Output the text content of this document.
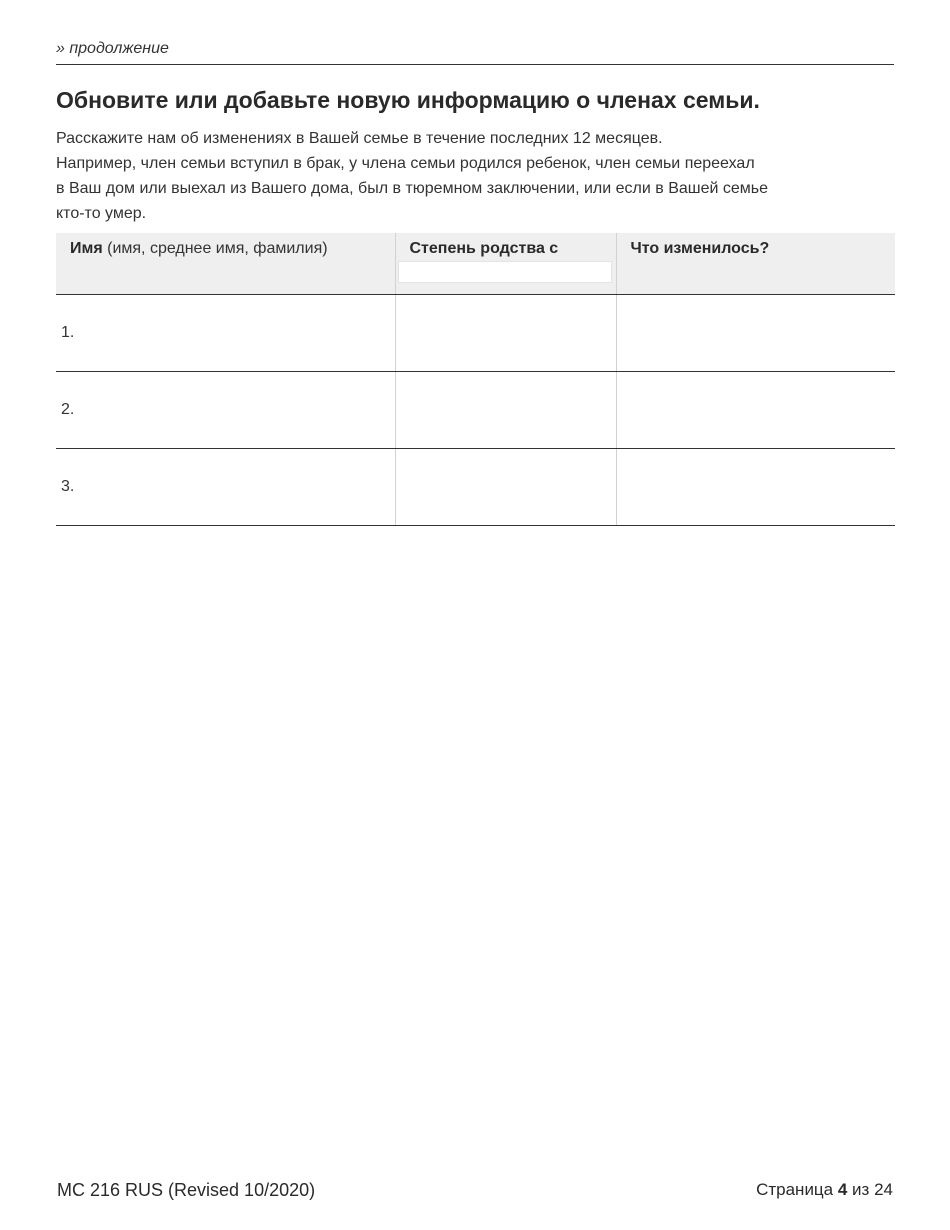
» продолжение
Обновите или добавьте новую информацию о членах семьи.

Расскажите нам об изменениях в Вашей семье в течение последних 12 месяцев.
Например, член семьи вступил в брак, у члена семьи родился ребенок, член семьи переехал
в Ваш дом или выехал из Вашего дома, был в тюремном заключении, или если в Вашей семье
кто-то умер.

Имя (имя, среднее имя, фамилия)	Степень родства с	Что изменилось?
1.		
2.		
3.		
MC 216 RUS (Revised 10/2020)	Страница 4 из 24
